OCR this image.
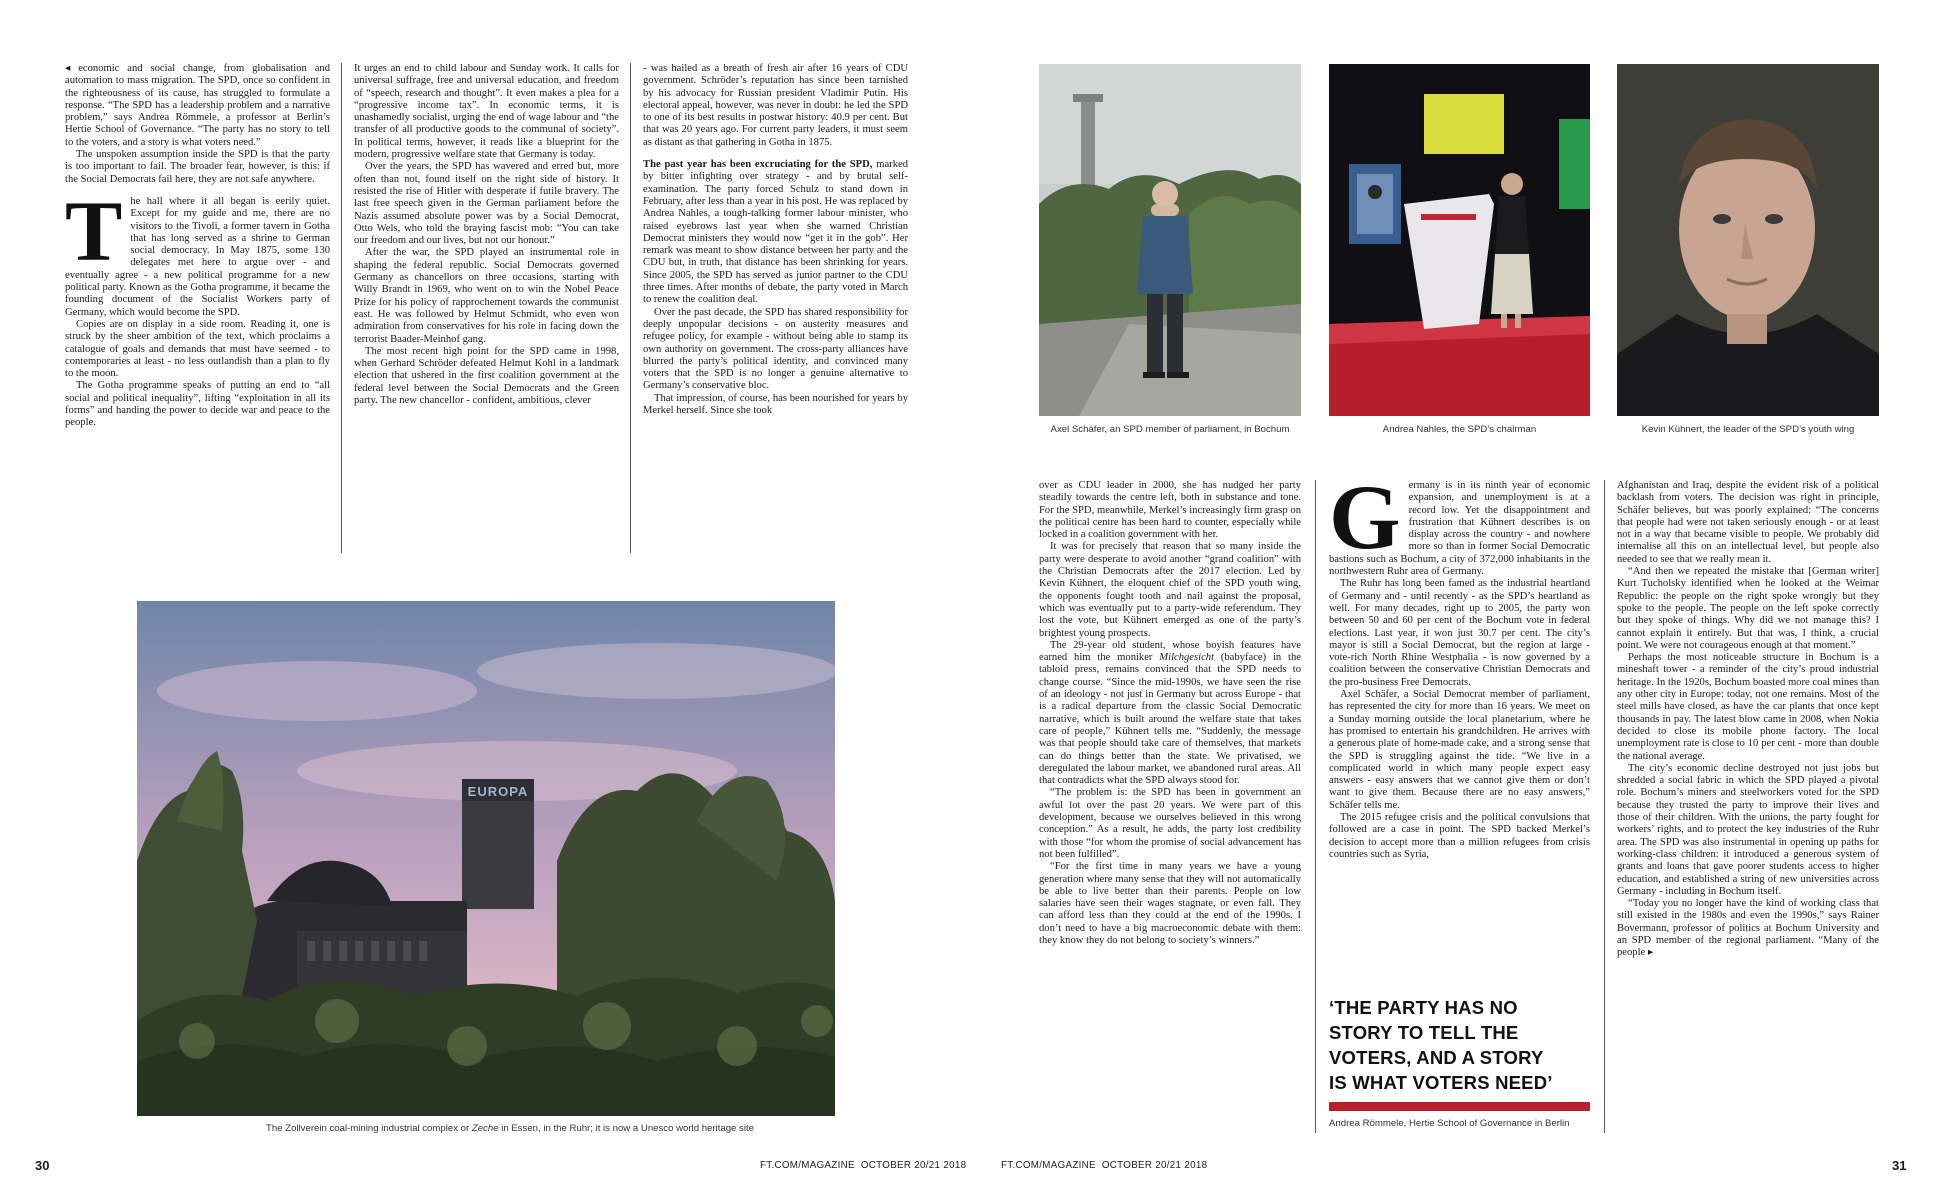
◂ economic and social change, from globalisation and automation to mass migration. The SPD, once so confident in the righteousness of its cause, has struggled to formulate a response. “The SPD has a leadership problem and a narrative problem,” says Andrea Römmele, a professor at Berlin’s Hertie School of Governance. “The party has no story to tell to the voters, and a story is what voters need.”

The unspoken assumption inside the SPD is that the party is too important to fail. The broader fear, however, is this: if the Social Democrats fail here, they are not safe anywhere.

The hall where it all began is eerily quiet. Except for my guide and me, there are no visitors to the Tivoli, a former tavern in Gotha that has long served as a shrine to German social democracy. In May 1875, some 130 delegates met here to argue over - and eventually agree - a new political programme for a new political party. Known as the Gotha programme, it became the founding document of the Socialist Workers party of Germany, which would become the SPD.

Copies are on display in a side room. Reading it, one is struck by the sheer ambition of the text, which proclaims a catalogue of goals and demands that must have seemed - to contemporaries at least - no less outlandish than a plan to fly to the moon.

The Gotha programme speaks of putting an end to “all social and political inequality”, lifting “exploitation in all its forms” and handing the power to decide war and peace to the people.

It urges an end to child labour and Sunday work. It calls for universal suffrage, free and universal education, and freedom of “speech, research and thought”. It even makes a plea for a “progressive income tax”. In economic terms, it is unashamedly socialist, urging the end of wage labour and “the transfer of all productive goods to the communal of society”. In political terms, however, it reads like a blueprint for the modern, progressive welfare state that Germany is today.

Over the years, the SPD has wavered and erred but, more often than not, found itself on the right side of history. It resisted the rise of Hitler with desperate if futile bravery. The last free speech given in the German parliament before the Nazis assumed absolute power was by a Social Democrat, Otto Wels, who told the braying fascist mob: “You can take our freedom and our lives, but not our honour.”

After the war, the SPD played an instrumental role in shaping the federal republic. Social Democrats governed Germany as chancellors on three occasions, starting with Willy Brandt in 1969, who went on to win the Nobel Peace Prize for his policy of rapprochement towards the communist east. He was followed by Helmut Schmidt, who even won admiration from conservatives for his role in facing down the terrorist Baader-Meinhof gang.

The most recent high point for the SPD came in 1998, when Gerhard Schröder defeated Helmut Kohl in a landmark election that ushered in the first coalition government at the federal level between the Social Democrats and the Green party. The new chancellor - confident, ambitious, clever

- was hailed as a breath of fresh air after 16 years of CDU government. Schröder’s reputation has since been tarnished by his advocacy for Russian president Vladimir Putin. His electoral appeal, however, was never in doubt: he led the SPD to one of its best results in postwar history: 40.9 per cent. But that was 20 years ago. For current party leaders, it must seem as distant as that gathering in Gotha in 1875.

The past year has been excruciating for the SPD, marked by bitter infighting over strategy - and by brutal self-examination. The party forced Schulz to stand down in February, after less than a year in his post. He was replaced by Andrea Nahles, a tough-talking former labour minister, who raised eyebrows last year when she warned Christian Democrat ministers they would now “get it in the gob”. Her remark was meant to show distance between her party and the CDU but, in truth, that distance has been shrinking for years. Since 2005, the SPD has served as junior partner to the CDU three times. After months of debate, the party voted in March to renew the coalition deal.

Over the past decade, the SPD has shared responsibility for deeply unpopular decisions - on austerity measures and refugee policy, for example - without being able to stamp its own authority on government. The cross-party alliances have blurred the party’s political identity, and convinced many voters that the SPD is no longer a genuine alternative to Germany’s conservative bloc.

That impression, of course, has been nourished for years by Merkel herself. Since she took

EUROPA
The Zollverein coal-mining industrial complex or Zeche in Essen, in the Ruhr; it is now a Unesco world heritage site
30	FT.COM/MAGAZINE  OCTOBER 20/21 2018
Axel Schäfer, an SPD member of parliament, in Bochum	Andrea Nahles, the SPD’s chairman	Kevin Kühnert, the leader of the SPD’s youth wing

over as CDU leader in 2000, she has nudged her party steadily towards the centre left, both in substance and tone. For the SPD, meanwhile, Merkel’s increasingly firm grasp on the political centre has been hard to counter, especially while locked in a coalition government with her.

It was for precisely that reason that so many inside the party were desperate to avoid another “grand coalition” with the Christian Democrats after the 2017 election. Led by Kevin Kühnert, the eloquent chief of the SPD youth wing, the opponents fought tooth and nail against the proposal, which was eventually put to a party-wide referendum. They lost the vote, but Kühnert emerged as one of the party’s brightest young prospects.

The 29-year old student, whose boyish features have earned him the moniker Milchgesicht (babyface) in the tabloid press, remains convinced that the SPD needs to change course. “Since the mid-1990s, we have seen the rise of an ideology - not just in Germany but across Europe - that is a radical departure from the classic Social Democratic narrative, which is built around the welfare state that takes care of people,” Kühnert tells me. “Suddenly, the message was that people should take care of themselves, that markets can do things better than the state. We privatised, we deregulated the labour market, we abandoned rural areas. All that contradicts what the SPD always stood for.

“The problem is: the SPD has been in government an awful lot over the past 20 years. We were part of this development, because we ourselves believed in this wrong conception.” As a result, he adds, the party lost credibility with those “for whom the promise of social advancement has not been fulfilled”.

“For the first time in many years we have a young generation where many sense that they will not automatically be able to live better than their parents. People on low salaries have seen their wages stagnate, or even fall. They can afford less than they could at the end of the 1990s. I don’t need to have a big macroeconomic debate with them: they know they do not belong to society’s winners.”

Germany is in its ninth year of economic expansion, and unemployment is at a record low. Yet the disappointment and frustration that Kühnert describes is on display across the country - and nowhere more so than in former Social Democratic bastions such as Bochum, a city of 372,000 inhabitants in the northwestern Ruhr area of Germany.

The Ruhr has long been famed as the industrial heartland of Germany and - until recently - as the SPD’s heartland as well. For many decades, right up to 2005, the party won between 50 and 60 per cent of the Bochum vote in federal elections. Last year, it won just 30.7 per cent. The city’s mayor is still a Social Democrat, but the region at large - vote-rich North Rhine Westphalia - is now governed by a coalition between the conservative Christian Democrats and the pro-business Free Democrats.

Axel Schäfer, a Social Democrat member of parliament, has represented the city for more than 16 years. We meet on a Sunday morning outside the local planetarium, where he has promised to entertain his grandchildren. He arrives with a generous plate of home-made cake, and a strong sense that the SPD is struggling against the tide. “We live in a complicated world in which many people expect easy answers - easy answers that we cannot give them or don’t want to give them. Because there are no easy answers,” Schäfer tells me.

The 2015 refugee crisis and the political convulsions that followed are a case in point. The SPD backed Merkel’s decision to accept more than a million refugees from crisis countries such as Syria,

‘THE PARTY HAS NO
STORY TO TELL THE
VOTERS, AND A STORY
IS WHAT VOTERS NEED’
Andrea Römmele, Hertie School of Governance in Berlin

Afghanistan and Iraq, despite the evident risk of a political backlash from voters. The decision was right in principle, Schäfer believes, but was poorly explained: “The concerns that people had were not taken seriously enough - or at least not in a way that became visible to people. We probably did internalise all this on an intellectual level, but people also needed to see that we really mean it.

“And then we repeated the mistake that [German writer] Kurt Tucholsky identified when he looked at the Weimar Republic: the people on the right spoke wrongly but they spoke to the people. The people on the left spoke correctly but they spoke of things. Why did we not manage this? I cannot explain it entirely. But that was, I think, a crucial point. We were not courageous enough at that moment.”

Perhaps the most noticeable structure in Bochum is a mineshaft tower - a reminder of the city’s proud industrial heritage. In the 1920s, Bochum boasted more coal mines than any other city in Europe: today, not one remains. Most of the steel mills have closed, as have the car plants that once kept thousands in pay. The latest blow came in 2008, when Nokia decided to close its mobile phone factory. The local unemployment rate is close to 10 per cent - more than double the national average.

The city’s economic decline destroyed not just jobs but shredded a social fabric in which the SPD played a pivotal role. Bochum’s miners and steelworkers voted for the SPD because they trusted the party to improve their lives and those of their children. With the unions, the party fought for workers’ rights, and to protect the key industries of the Ruhr area. The SPD was also instrumental in opening up paths for working-class children: it introduced a generous system of grants and loans that gave poorer students access to higher education, and established a string of new universities across Germany - including in Bochum itself.

“Today you no longer have the kind of working class that still existed in the 1980s and even the 1990s,” says Rainer Bovermann, professor of politics at Bochum University and an SPD member of the regional parliament. “Many of the people ▸

FT.COM/MAGAZINE  OCTOBER 20/21 2018	31
